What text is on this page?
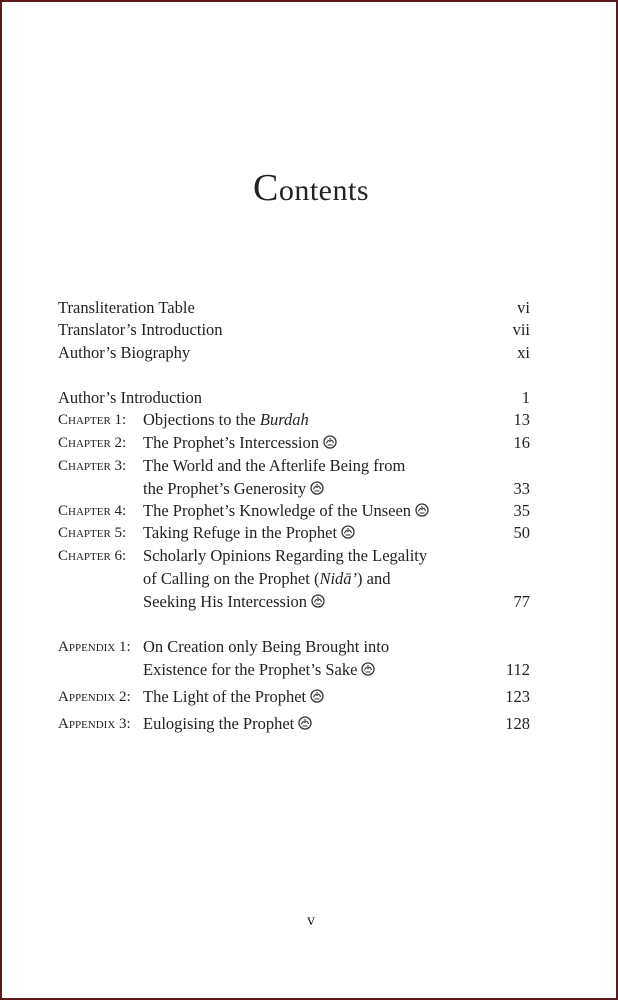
Contents
Transliteration Table	vi
Translator’s Introduction	vii
Author’s Biography	xi
Author’s Introduction	1
Chapter 1: Objections to the Burdah	13
Chapter 2: The Prophet’s Intercession	16
Chapter 3: The World and the Afterlife Being from
the Prophet’s Generosity	33
Chapter 4: The Prophet’s Knowledge of the Unseen	35
Chapter 5: Taking Refuge in the Prophet	50
Chapter 6: Scholarly Opinions Regarding the Legality
of Calling on the Prophet (Nidā’) and
Seeking His Intercession	77
Appendix 1: On Creation only Being Brought into
Existence for the Prophet’s Sake	112
Appendix 2: The Light of the Prophet	123
Appendix 3: Eulogising the Prophet	128
v
